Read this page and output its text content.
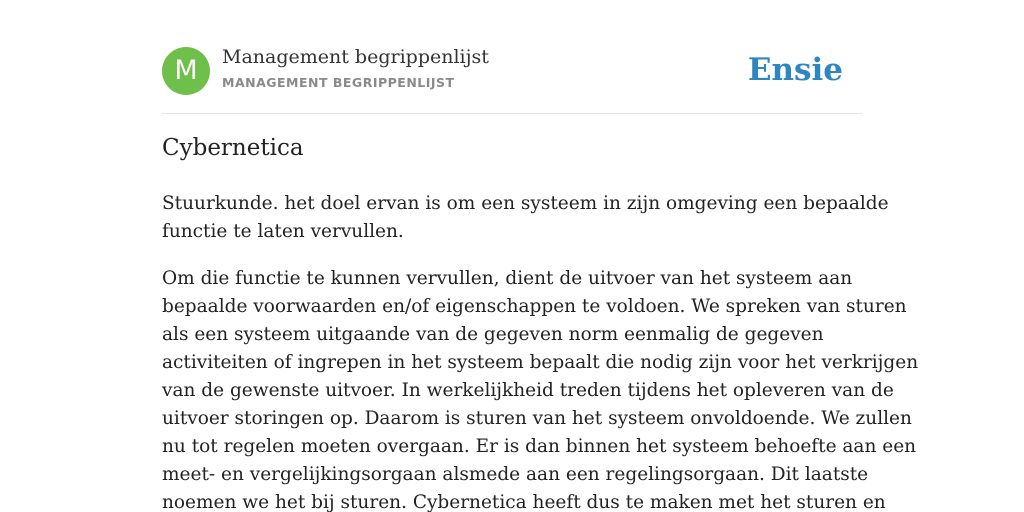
M	Management begrippenlijst
MANAGEMENT BEGRIPPENLIJST	Ensie
Cybernetica

Stuurkunde. het doel ervan is om een systeem in zijn omgeving een bepaalde
functie te laten vervullen.

Om die functie te kunnen vervullen, dient de uitvoer van het systeem aan
bepaalde voorwaarden en/of eigenschappen te voldoen. We spreken van sturen
als een systeem uitgaande van de gegeven norm eenmalig de gegeven
activiteiten of ingrepen in het systeem bepaalt die nodig zijn voor het verkrijgen
van de gewenste uitvoer. In werkelijkheid treden tijdens het opleveren van de
uitvoer storingen op. Daarom is sturen van het systeem onvoldoende. We zullen
nu tot regelen moeten overgaan. Er is dan binnen het systeem behoefte aan een
meet- en vergelijkingsorgaan alsmede aan een regelingsorgaan. Dit laatste
noemen we het bij sturen. Cybernetica heeft dus te maken met het sturen en
